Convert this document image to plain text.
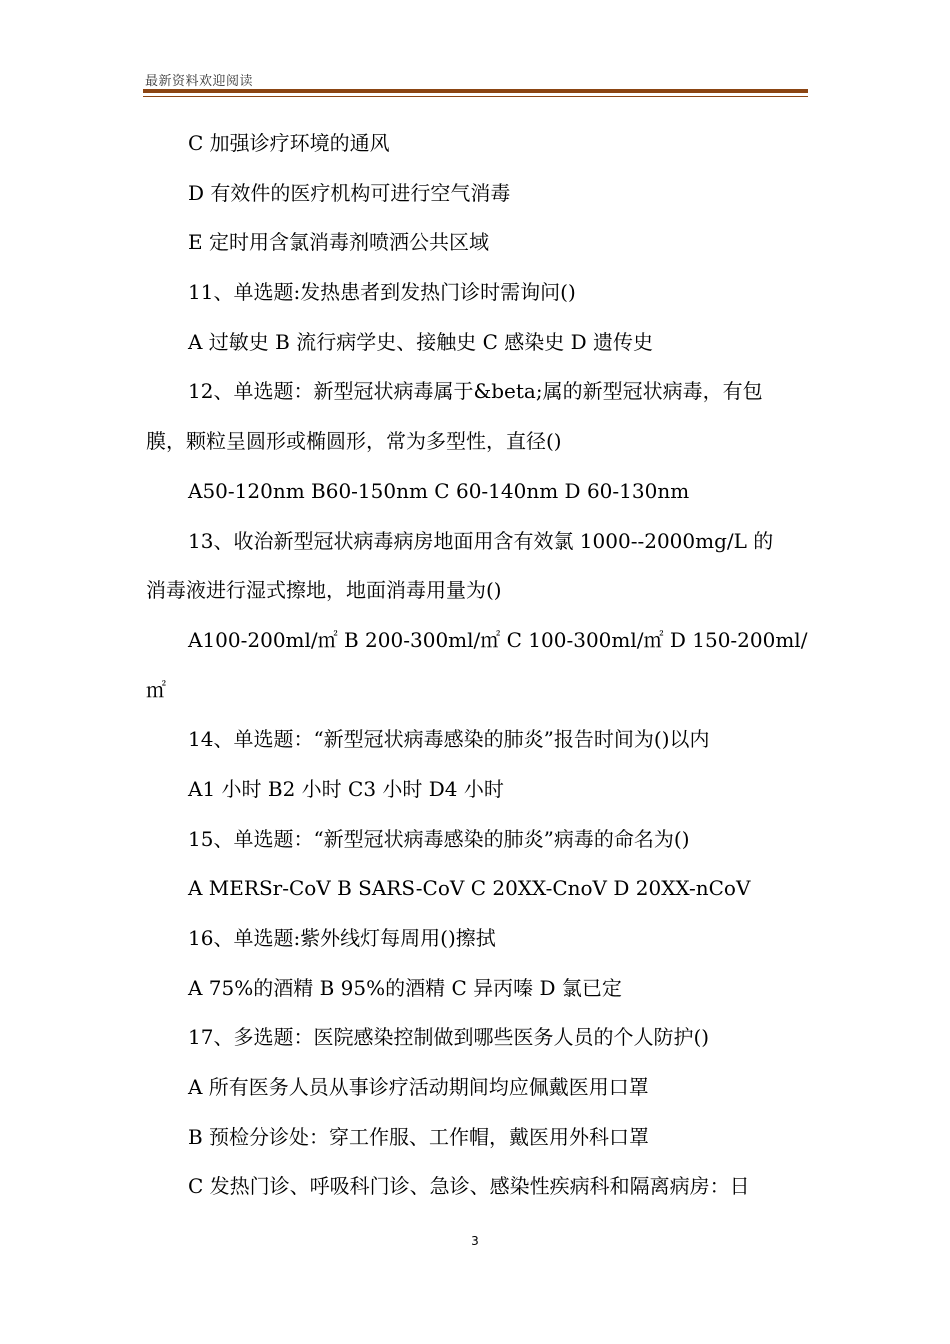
最新资料欢迎阅读
C 加强诊疗环境的通风
D 有效件的医疗机构可进行空气消毒
E 定时用含氯消毒剂喷洒公共区域
11、单选题:发热患者到发热门诊时需询问()
A 过敏史 B 流行病学史、接触史 C 感染史 D 遗传史
12、单选题：新型冠状病毒属于&beta;属的新型冠状病毒，有包
膜，颗粒呈圆形或椭圆形，常为多型性，直径()
A50-120nm B60-150nm C 60-140nm D 60-130nm
13、收治新型冠状病毒病房地面用含有效氯 1000--2000mg/L 的
消毒液进行湿式擦地，地面消毒用量为()
A100-200ml/㎡ B 200-300ml/㎡ C 100-300ml/㎡ D 150-200ml/
㎡
14、单选题：“新型冠状病毒感染的肺炎”报告时间为()以内
A1 小时 B2 小时 C3 小时 D4 小时
15、单选题：“新型冠状病毒感染的肺炎”病毒的命名为()
A MERSr-CoV B SARS-CoV C 20XX-CnoV D 20XX-nCoV
16、单选题:紫外线灯每周用()擦拭
A 75%的酒精 B 95%的酒精 C 异丙嗪 D 氯已定
17、多选题：医院感染控制做到哪些医务人员的个人防护()
A 所有医务人员从事诊疗活动期间均应佩戴医用口罩
B 预检分诊处：穿工作服、工作帽，戴医用外科口罩
C 发热门诊、呼吸科门诊、急诊、感染性疾病科和隔离病房：日
3
